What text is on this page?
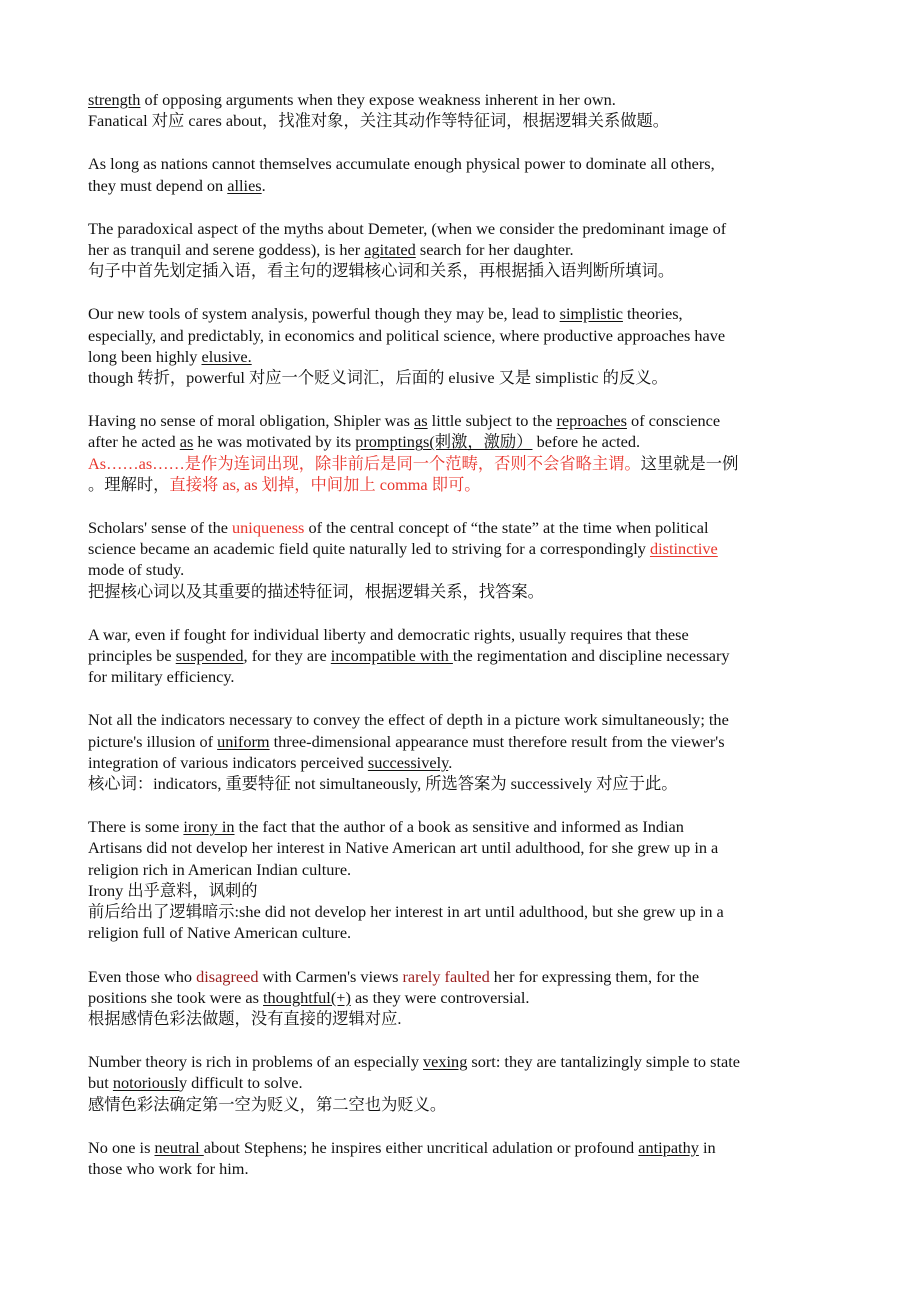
strength of opposing arguments when they expose weakness inherent in her own.
Fanatical 对应 cares about，找准对象，关注其动作等特征词，根据逻辑关系做题。
As long as nations cannot themselves accumulate enough physical power to dominate all others,
they must depend on allies.
The paradoxical aspect of the myths about Demeter, (when we consider the predominant image of
her as tranquil and serene goddess), is her agitated search for her daughter.
句子中首先划定插入语，看主句的逻辑核心词和关系，再根据插入语判断所填词。
Our new tools of system analysis, powerful though they may be, lead to simplistic theories,
especially, and predictably, in economics and political science, where productive approaches have
long been highly elusive.
though 转折，powerful 对应一个贬义词汇，后面的 elusive 又是 simplistic 的反义。
Having no sense of moral obligation, Shipler was as little subject to the reproaches of conscience
after he acted as he was motivated by its promptings(刺激，激励） before he acted.
As……as……是作为连词出现，除非前后是同一个范畴，否则不会省略主谓。这里就是一例
。理解时，直接将 as, as 划掉，中间加上 comma 即可。
Scholars' sense of the uniqueness of the central concept of “the state” at the time when political
science became an academic field quite naturally led to striving for a correspondingly distinctive
mode of study.
把握核心词以及其重要的描述特征词，根据逻辑关系，找答案。
A war, even if fought for individual liberty and democratic rights, usually requires that these
principles be suspended, for they are incompatible with the regimentation and discipline necessary
for military efficiency.
Not all the indicators necessary to convey the effect of depth in a picture work simultaneously; the
picture's illusion of uniform three-dimensional appearance must therefore result from the viewer's
integration of various indicators perceived successively.
核心词：indicators, 重要特征 not simultaneously, 所选答案为 successively 对应于此。
There is some irony in the fact that the author of a book as sensitive and informed as Indian
Artisans did not develop her interest in Native American art until adulthood, for she grew up in a
religion rich in American Indian culture.
Irony 出乎意料，讽刺的
前后给出了逻辑暗示:she did not develop her interest in art until adulthood, but she grew up in a
religion full of Native American culture.
Even those who disagreed with Carmen's views rarely faulted her for expressing them, for the
positions she took were as thoughtful(+) as they were controversial.
根据感情色彩法做题，没有直接的逻辑对应.
Number theory is rich in problems of an especially vexing sort: they are tantalizingly simple to state
but notoriously difficult to solve.
感情色彩法确定第一空为贬义，第二空也为贬义。
No one is neutral about Stephens; he inspires either uncritical adulation or profound antipathy in
those who work for him.
